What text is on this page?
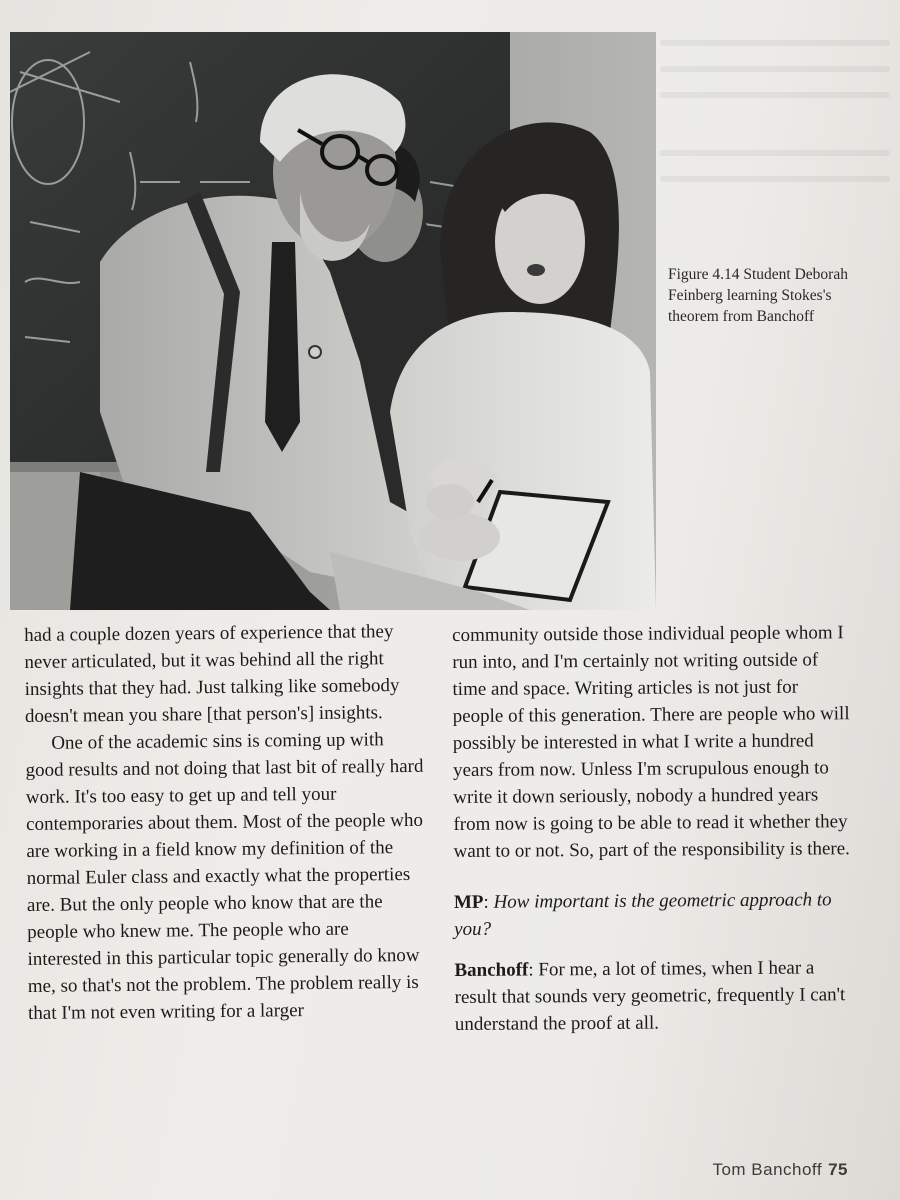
Figure 4.14 Student Deborah Feinberg learning Stokes's theorem from Banchoff

had a couple dozen years of experience that they never articulated, but it was behind all the right insights that they had. Just talking like somebody doesn't mean you share [that person's] insights.

One of the academic sins is coming up with good results and not doing that last bit of really hard work. It's too easy to get up and tell your contemporaries about them. Most of the people who are working in a field know my definition of the normal Euler class and exactly what the properties are. But the only people who know that are the people who knew me. The people who are interested in this particular topic generally do know me, so that's not the problem. The problem really is that I'm not even writing for a larger

community outside those individual people whom I run into, and I'm certainly not writing outside of time and space. Writing articles is not just for people of this generation. There are people who will possibly be interested in what I write a hundred years from now. Unless I'm scrupulous enough to write it down seriously, nobody a hundred years from now is going to be able to read it whether they want to or not. So, part of the responsibility is there.

MP: How important is the geometric approach to you?

Banchoff: For me, a lot of times, when I hear a result that sounds very geometric, frequently I can't understand the proof at all.

Tom Banchoff 75
